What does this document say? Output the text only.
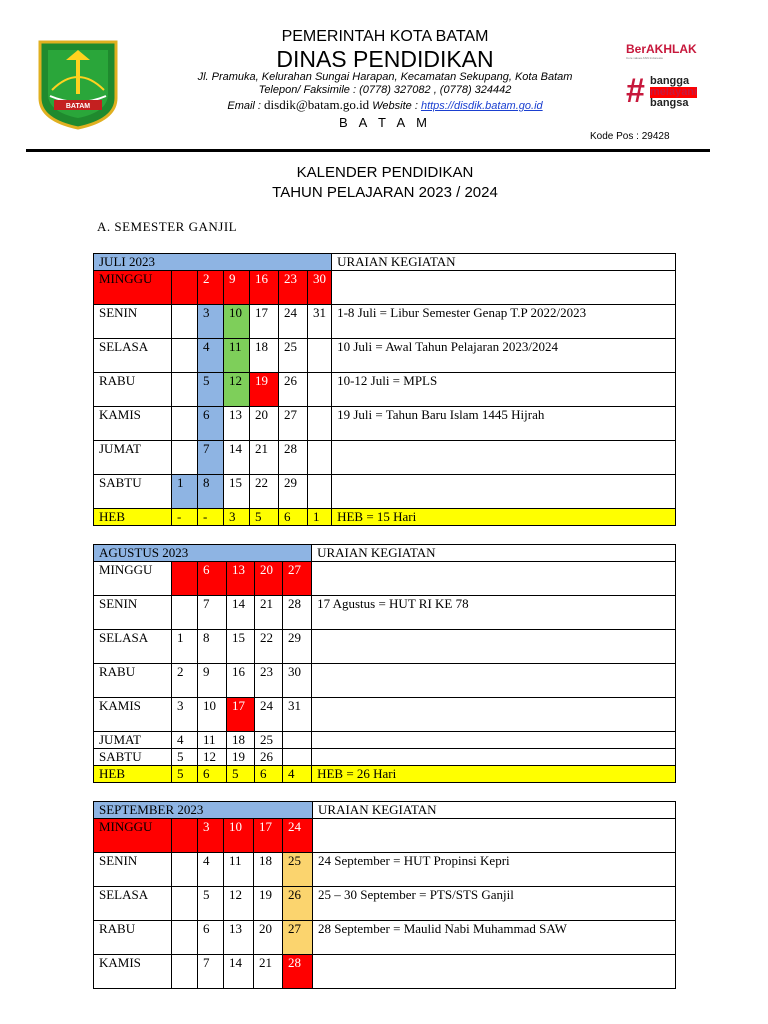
BATAM
PEMERINTAH KOTA BATAM
DINAS PENDIDIKAN
Jl. Pramuka, Kelurahan Sungai Harapan, Kecamatan Sekupang, Kota Batam
Telepon/ Faksimile : (0778) 327082 , (0778) 324442
Email : disdik@batam.go.id Website : https://disdik.batam.go.id
B A T A M
Kode Pos : 29428
BerAKHLAK
Core values ASN Indonesia
# bangga
melayani
bangsa
KALENDER PENDIDIKAN
TAHUN PELAJARAN 2023 / 2024
A. SEMESTER GANJIL
JULI 2023							URAIAN KEGIATAN
MINGGU		2	9	16	23	30	
SENIN		3	10	17	24	31	1-8 Juli = Libur Semester Genap T.P 2022/2023
SELASA		4	11	18	25		10 Juli = Awal Tahun Pelajaran 2023/2024
RABU		5	12	19	26		10-12 Juli = MPLS
KAMIS		6	13	20	27		19 Juli = Tahun Baru Islam 1445 Hijrah
JUMAT		7	14	21	28		
SABTU	1	8	15	22	29		
HEB	-	-	3	5	6	1	HEB = 15 Hari
AGUSTUS 2023						URAIAN KEGIATAN
MINGGU		6	13	20	27	
SENIN		7	14	21	28	17 Agustus = HUT RI KE 78
SELASA	1	8	15	22	29	
RABU	2	9	16	23	30	
KAMIS	3	10	17	24	31	
JUMAT	4	11	18	25		
SABTU	5	12	19	26		
HEB	5	6	5	6	4	HEB = 26 Hari
SEPTEMBER 2023						URAIAN KEGIATAN
MINGGU		3	10	17	24	
SENIN		4	11	18	25	24 September = HUT Propinsi Kepri
SELASA		5	12	19	26	25 – 30 September = PTS/STS Ganjil
RABU		6	13	20	27	28 September = Maulid Nabi Muhammad SAW
KAMIS		7	14	21	28	
